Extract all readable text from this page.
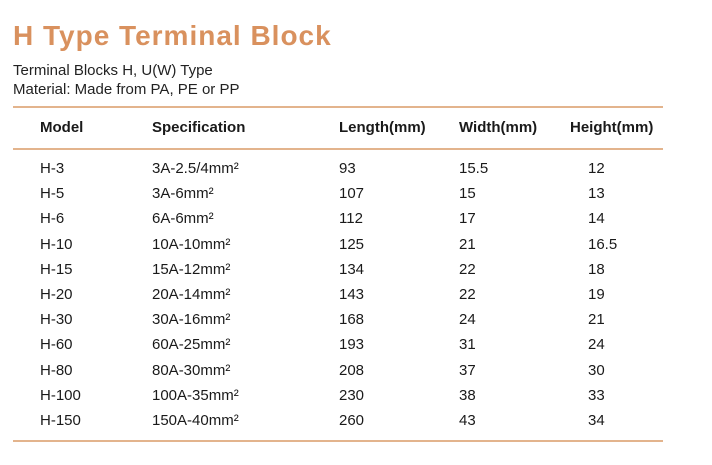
H Type Terminal Block
Terminal Blocks H, U(W) Type
Material: Made from PA, PE or PP
Model	Specification	Length(mm) Width(mm) Height(mm)
H-3	3A-2.5/4mm²	93	15.5	12
H-5	3A-6mm²	107	15	13
H-6	6A-6mm²	112	17	14
H-10	10A-10mm²	125	21	16.5
H-15	15A-12mm²	134	22	18
H-20	20A-14mm²	143	22	19
H-30	30A-16mm²	168	24	21
H-60	60A-25mm²	193	31	24
H-80	80A-30mm²	208	37	30
H-100	100A-35mm²	230	38	33
H-150	150A-40mm²	260	43	34
